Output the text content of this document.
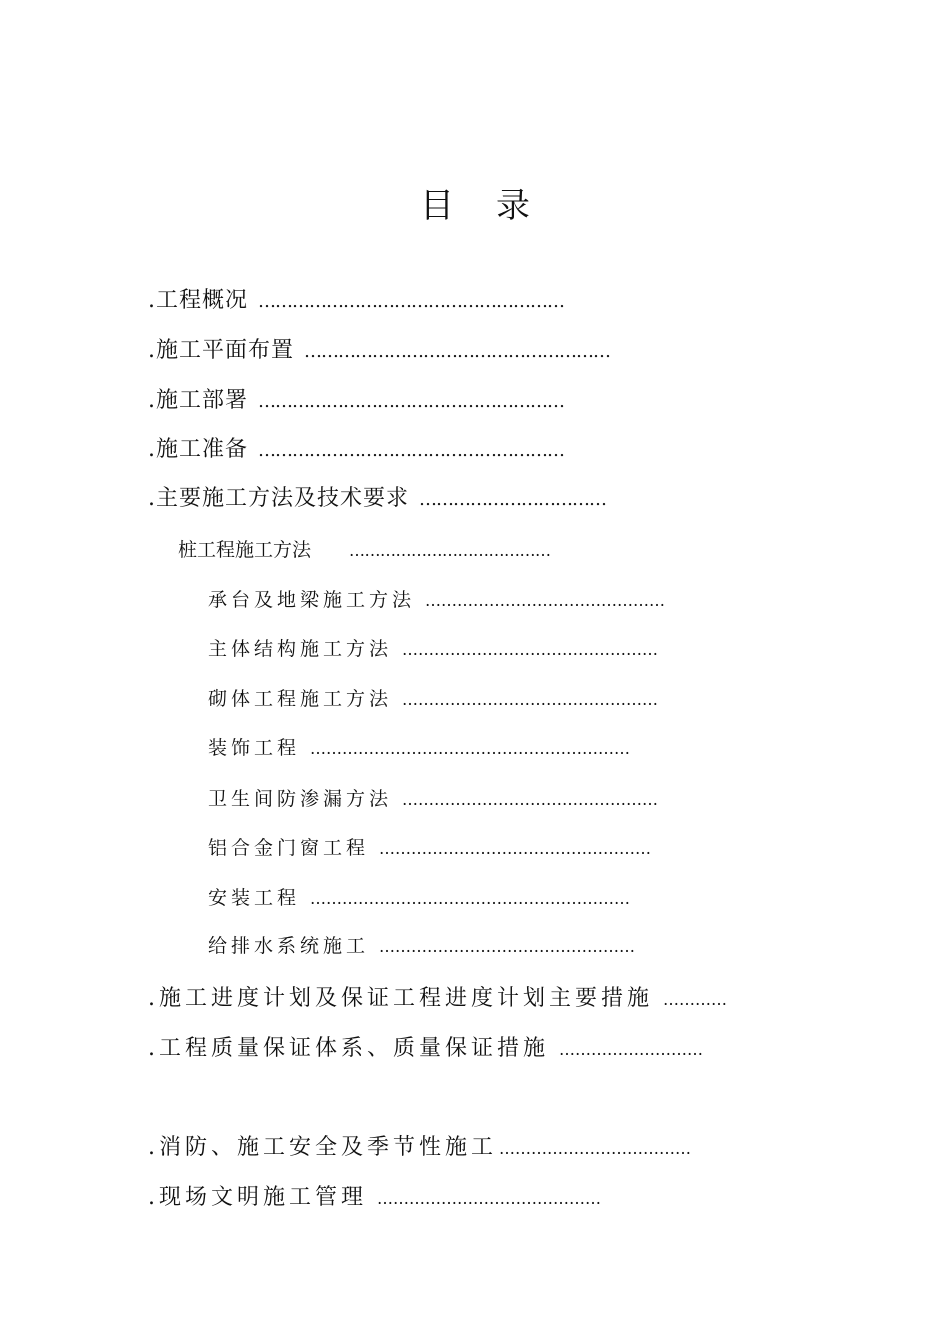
目 录
.工程概况 ………………………………………………
.施工平面布置 ………………………………………………
.施工部署 ………………………………………………
.施工准备 ………………………………………………
.主要施工方法及技术要求 ……………………………
桩工程施工方法 …………………………………
承台及地梁施工方法 ………………………………………
主体结构施工方法 …………………………………………
砌体工程施工方法 …………………………………………
装饰工程 ……………………………………………………
卫生间防渗漏方法 …………………………………………
铝合金门窗工程 ……………………………………………
安装工程 ……………………………………………………
给排水系统施工 …………………………………………
.施工进度计划及保证工程进度计划主要措施 …………
.工程质量保证体系、质量保证措施 ………………………
.消防、施工安全及季节性施工 ………………………………
.现场文明施工管理 ……………………………………
